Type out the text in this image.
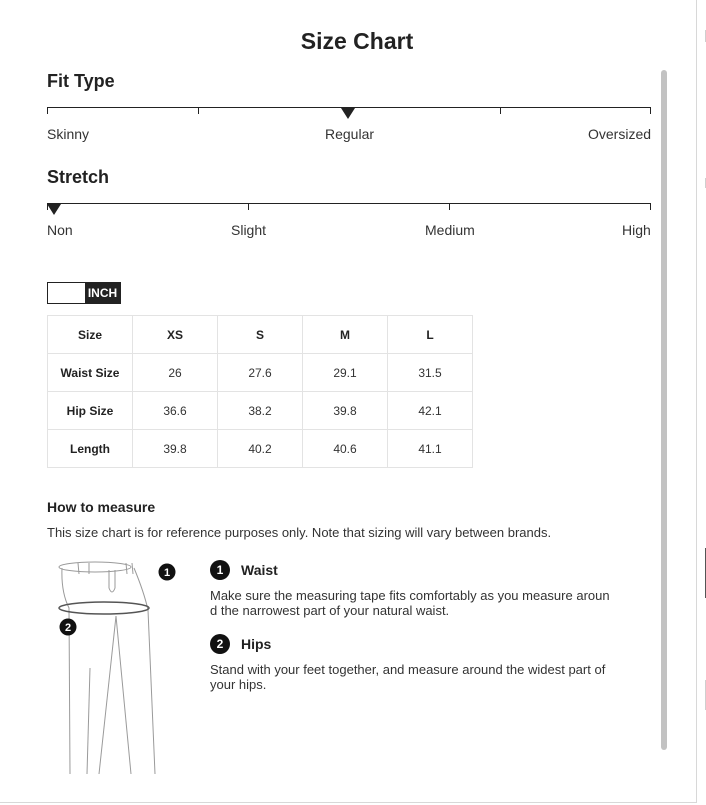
Size Chart
Fit Type
Skinny	Regular	Oversized
Stretch
Non	Slight	Medium	High
INCH
Size	XS	S	M	L
Waist Size	26	27.6	29.1	31.5
Hip Size	36.6	38.2	39.8	42.1
Length	39.8	40.2	40.6	41.1
How to measure
This size chart is for reference purposes only. Note that sizing will vary between brands.
1
2
1	Waist
Make sure the measuring tape fits comfortably as you measure around the narrowest part of your natural waist.
2	Hips
Stand with your feet together, and measure around the widest part of your hips.
